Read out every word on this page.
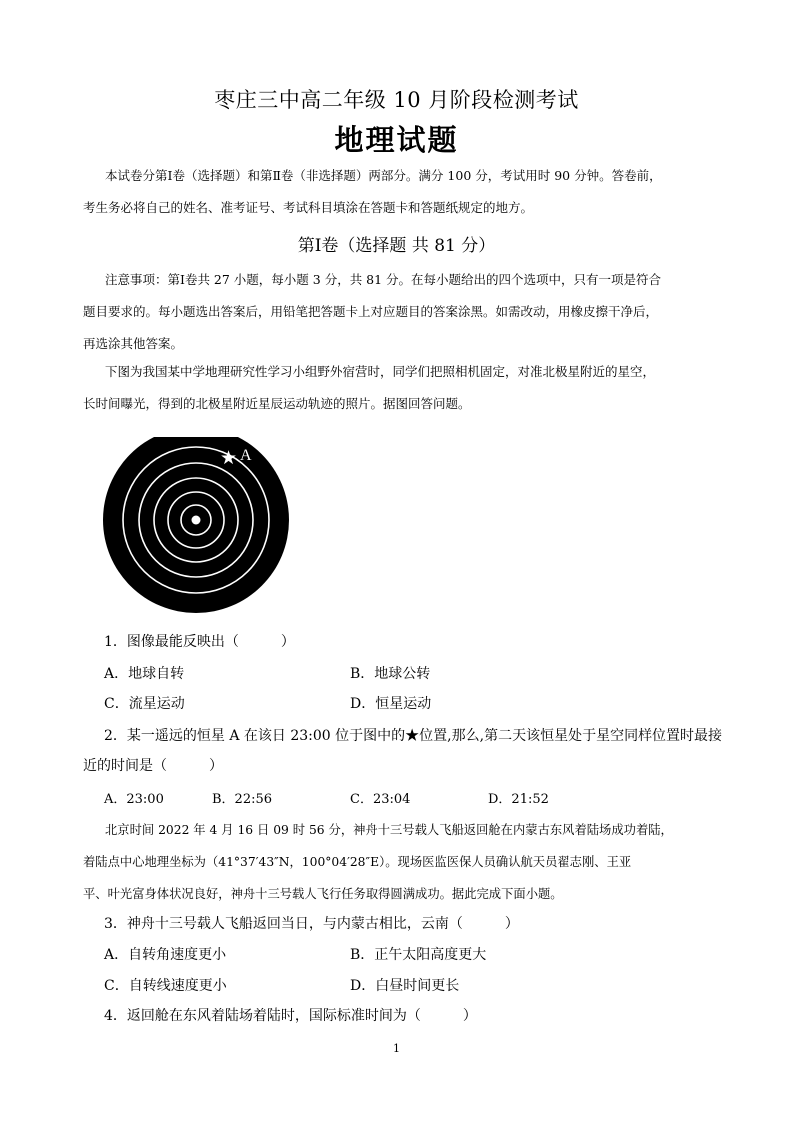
枣庄三中高二年级 10 月阶段检测考试
地理试题
本试卷分第Ⅰ卷（选择题）和第Ⅱ卷（非选择题）两部分。满分 100 分，考试用时 90 分钟。答卷前，
考生务必将自己的姓名、准考证号、考试科目填涂在答题卡和答题纸规定的地方。
第Ⅰ卷（选择题 共 81 分）
注意事项：第Ⅰ卷共 27 小题，每小题 3 分，共 81 分。在每小题给出的四个选项中，只有一项是符合
题目要求的。每小题选出答案后，用铅笔把答题卡上对应题目的答案涂黑。如需改动，用橡皮擦干净后，
再选涂其他答案。
下图为我国某中学地理研究性学习小组野外宿营时，同学们把照相机固定，对准北极星附近的星空，
长时间曝光，得到的北极星附近星辰运动轨迹的照片。据图回答问题。
★ A
1．图像最能反映出（　　　）
A．地球自转	B．地球公转
C．流星运动	D．恒星运动
2．某一遥远的恒星 A 在该日 23:00 位于图中的★位置,那么,第二天该恒星处于星空同样位置时最接
近的时间是（　　　）
A．23:00	B．22:56	C．23:04	D．21:52
北京时间 2022 年 4 月 16 日 09 时 56 分，神舟十三号载人飞船返回舱在内蒙古东风着陆场成功着陆，
着陆点中心地理坐标为（41°37′43″N，100°04′28″E）。现场医监医保人员确认航天员翟志刚、王亚
平、叶光富身体状况良好，神舟十三号载人飞行任务取得圆满成功。据此完成下面小题。
3．神舟十三号载人飞船返回当日，与内蒙古相比，云南（　　　）
A．自转角速度更小	B．正午太阳高度更大
C．自转线速度更小	D．白昼时间更长
4．返回舱在东风着陆场着陆时，国际标准时间为（　　　）
1
